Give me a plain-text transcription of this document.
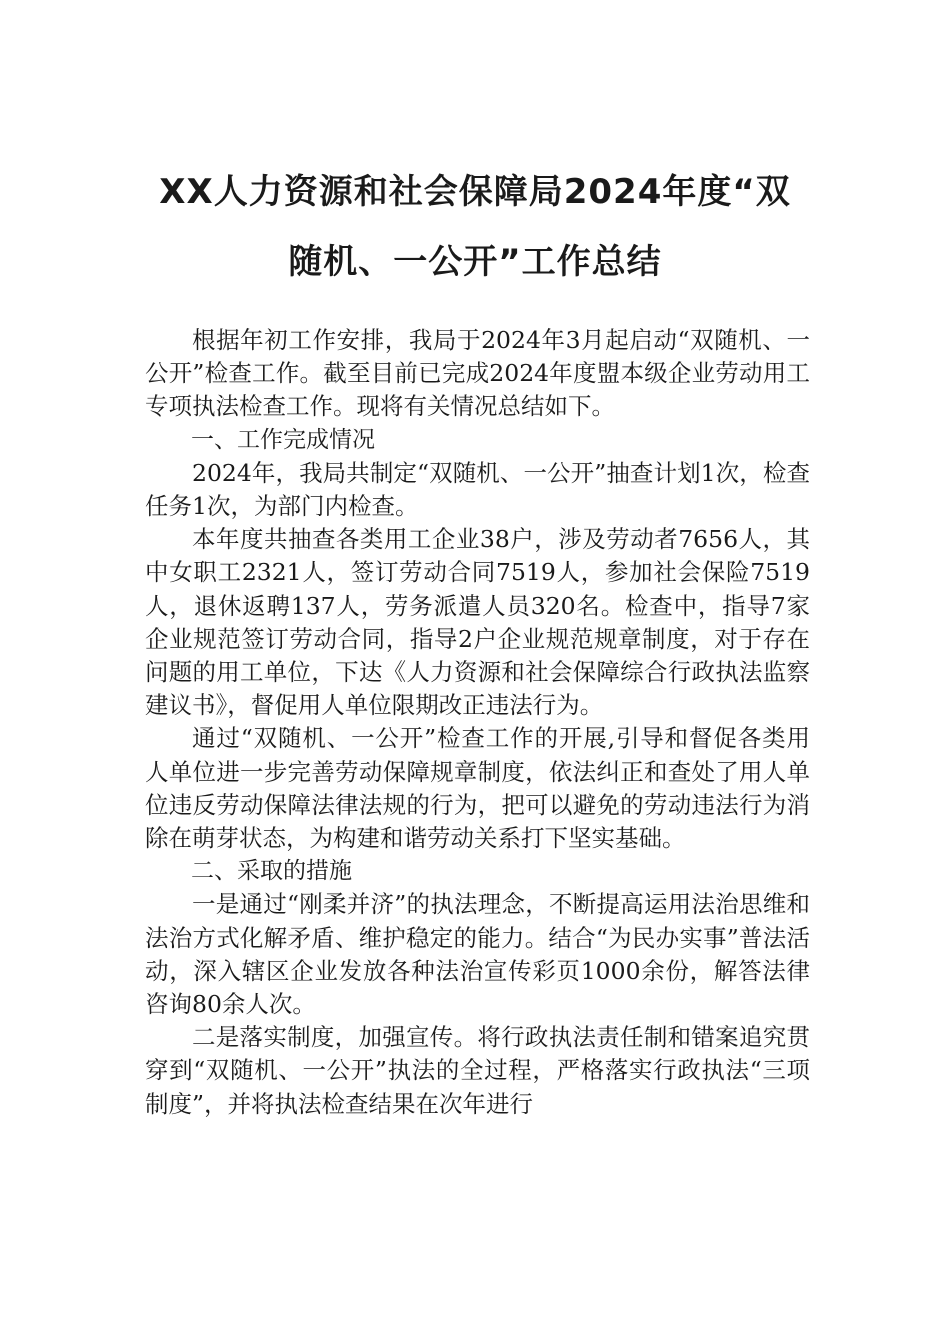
XX人力资源和社会保障局2024年度“双
随机、一公开”工作总结

根据年初工作安排，我局于2024年3月起启动“双随机、一公开”检查工作。截至目前已完成2024年度盟本级企业劳动用工专项执法检查工作。现将有关情况总结如下。

一、工作完成情况

2024年，我局共制定“双随机、一公开”抽查计划1次，检查任务1次，为部门内检查。

本年度共抽查各类用工企业38户，涉及劳动者7656人，其中女职工2321人，签订劳动合同7519人，参加社会保险7519人，退休返聘137人，劳务派遣人员320名。检查中，指导7家企业规范签订劳动合同，指导2户企业规范规章制度，对于存在问题的用工单位，下达《人力资源和社会保障综合行政执法监察建议书》，督促用人单位限期改正违法行为。

通过“双随机、一公开”检查工作的开展,引导和督促各类用人单位进一步完善劳动保障规章制度，依法纠正和查处了用人单位违反劳动保障法律法规的行为，把可以避免的劳动违法行为消除在萌芽状态，为构建和谐劳动关系打下坚实基础。

二、采取的措施

一是通过“刚柔并济”的执法理念，不断提高运用法治思维和法治方式化解矛盾、维护稳定的能力。结合“为民办实事”普法活动，深入辖区企业发放各种法治宣传彩页1000余份，解答法律咨询80余人次。

二是落实制度，加强宣传。将行政执法责任制和错案追究贯穿到“双随机、一公开”执法的全过程，严格落实行政执法“三项制度”，并将执法检查结果在次年进行
